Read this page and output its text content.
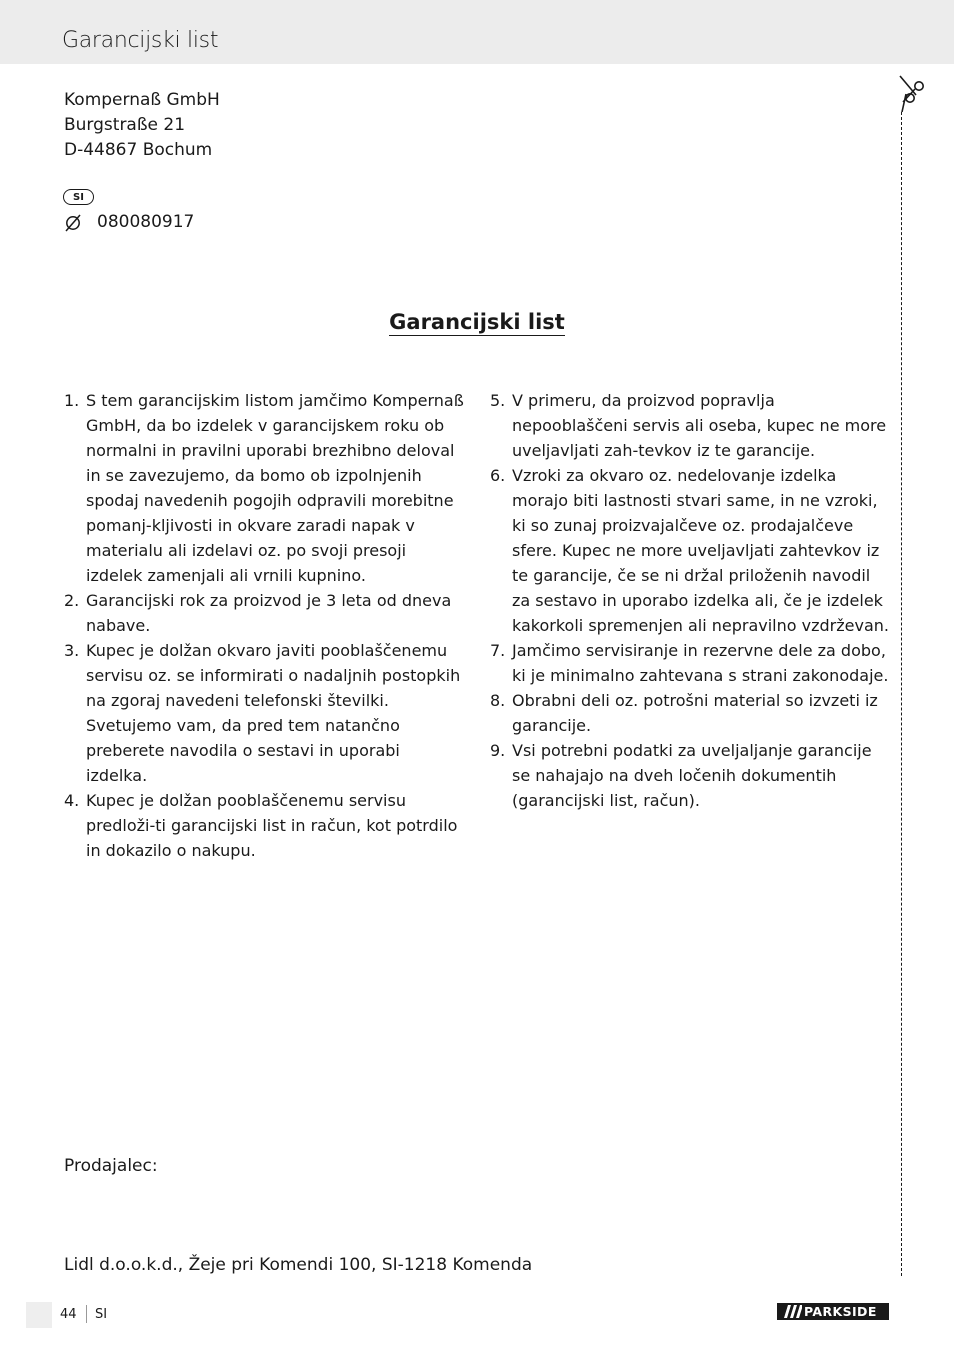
Garancijski list
Kompernaß GmbH
Burgstraße 21
D-44867 Bochum
SI
080080917
Garancijski list
1. S tem garancijskim listom jamčimo Kompernaß GmbH, da bo izdelek v garancijskem roku ob normalni in pravilni uporabi brezhibno deloval in se zavezujemo, da bomo ob izpolnjenih spodaj navedenih pogojih odpravili morebitne pomanj-kljivosti in okvare zaradi napak v materialu ali izdelavi oz. po svoji presoji izdelek zamenjali ali vrnili kupnino.
2. Garancijski rok za proizvod je 3 leta od dneva nabave.
3. Kupec je dolžan okvaro javiti pooblaščenemu servisu oz. se informirati o nadaljnih postopkih na zgoraj navedeni telefonski številki. Svetujemo vam, da pred tem natančno preberete navodila o sestavi in uporabi izdelka.
4. Kupec je dolžan pooblaščenemu servisu predloži-ti garancijski list in račun, kot potrdilo in dokazilo o nakupu.
5. V primeru, da proizvod popravlja nepooblaščeni servis ali oseba, kupec ne more uveljavljati zah-tevkov iz te garancije.
6. Vzroki za okvaro oz. nedelovanje izdelka morajo biti lastnosti stvari same, in ne vzroki, ki so zunaj proizvajalčeve oz. prodajalčeve sfere. Kupec ne more uveljavljati zahtevkov iz te garancije, če se ni držal priloženih navodil za sestavo in uporabo izdelka ali, če je izdelek kakorkoli spremenjen ali nepravilno vzdrževan.
7. Jamčimo servisiranje in rezervne dele za dobo, ki je minimalno zahtevana s strani zakonodaje.
8. Obrabni deli oz. potrošni material so izvzeti iz garancije.
9. Vsi potrebni podatki za uveljaljanje garancije se nahajajo na dveh ločenih dokumentih (garancijski list, račun).
Prodajalec:
Lidl d.o.o.k.d., Žeje pri Komendi 100, SI-1218 Komenda
44 SI	PARKSIDE
